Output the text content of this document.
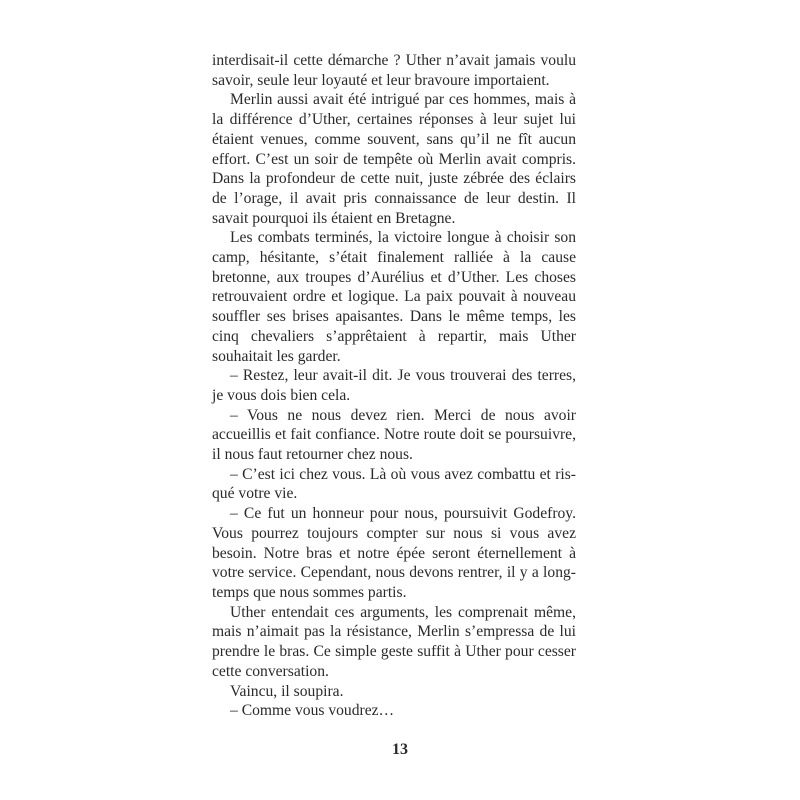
interdisait-il cette démarche ? Uther n’avait jamais voulu savoir, seule leur loyauté et leur bravoure importaient.

Merlin aussi avait été intrigué par ces hommes, mais à la différence d’Uther, certaines réponses à leur sujet lui étaient venues, comme souvent, sans qu’il ne fît aucun effort. C’est un soir de tempête où Merlin avait compris. Dans la profondeur de cette nuit, juste zébrée des éclairs de l’orage, il avait pris connaissance de leur destin. Il savait pourquoi ils étaient en Bretagne.

Les combats terminés, la victoire longue à choisir son camp, hésitante, s’était finalement ralliée à la cause bretonne, aux troupes d’Aurélius et d’Uther. Les choses retrouvaient ordre et logique. La paix pouvait à nouveau souffler ses brises apaisantes. Dans le même temps, les cinq chevaliers s’apprêtaient à repartir, mais Uther souhaitait les garder.

– Restez, leur avait-il dit. Je vous trouverai des terres, je vous dois bien cela.

– Vous ne nous devez rien. Merci de nous avoir accueillis et fait confiance. Notre route doit se poursuivre, il nous faut retourner chez nous.

– C’est ici chez vous. Là où vous avez combattu et risqué votre vie.

– Ce fut un honneur pour nous, poursuivit Godefroy. Vous pourrez toujours compter sur nous si vous avez besoin. Notre bras et notre épée seront éternellement à votre service. Cependant, nous devons rentrer, il y a longtemps que nous sommes partis.

Uther entendait ces arguments, les comprenait même, mais n’aimait pas la résistance, Merlin s’empressa de lui prendre le bras. Ce simple geste suffit à Uther pour cesser cette conversation.

Vaincu, il soupira.

– Comme vous voudrez…

13
